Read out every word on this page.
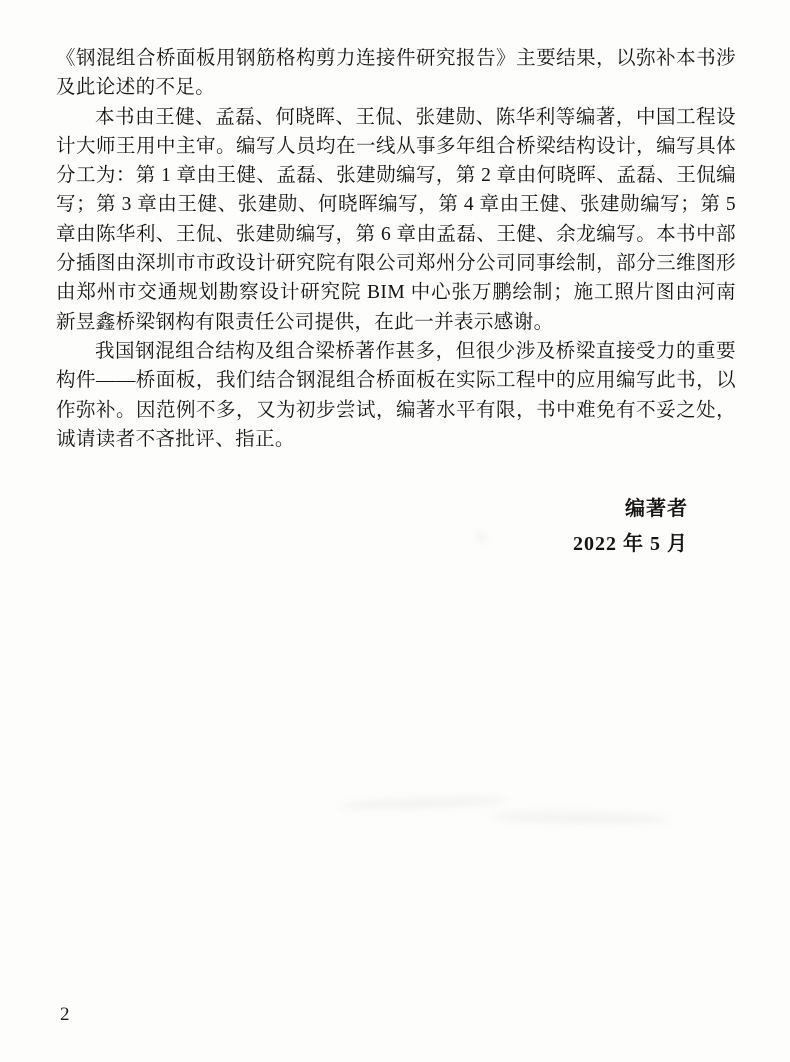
《钢混组合桥面板用钢筋格构剪力连接件研究报告》主要结果，以弥补本书涉及此论述的不足。

本书由王健、孟磊、何晓晖、王侃、张建勋、陈华利等编著，中国工程设计大师王用中主审。编写人员均在一线从事多年组合桥梁结构设计，编写具体分工为：第 1 章由王健、孟磊、张建勋编写，第 2 章由何晓晖、孟磊、王侃编写；第 3 章由王健、张建勋、何晓晖编写，第 4 章由王健、张建勋编写；第 5 章由陈华利、王侃、张建勋编写，第 6 章由孟磊、王健、余龙编写。本书中部分插图由深圳市市政设计研究院有限公司郑州分公司同事绘制，部分三维图形由郑州市交通规划勘察设计研究院 BIM 中心张万鹏绘制；施工照片图由河南新昱鑫桥梁钢构有限责任公司提供，在此一并表示感谢。

我国钢混组合结构及组合梁桥著作甚多，但很少涉及桥梁直接受力的重要构件——桥面板，我们结合钢混组合桥面板在实际工程中的应用编写此书，以作弥补。因范例不多，又为初步尝试，编著水平有限，书中难免有不妥之处，诚请读者不吝批评、指正。

编著者
2022 年 5 月
2
